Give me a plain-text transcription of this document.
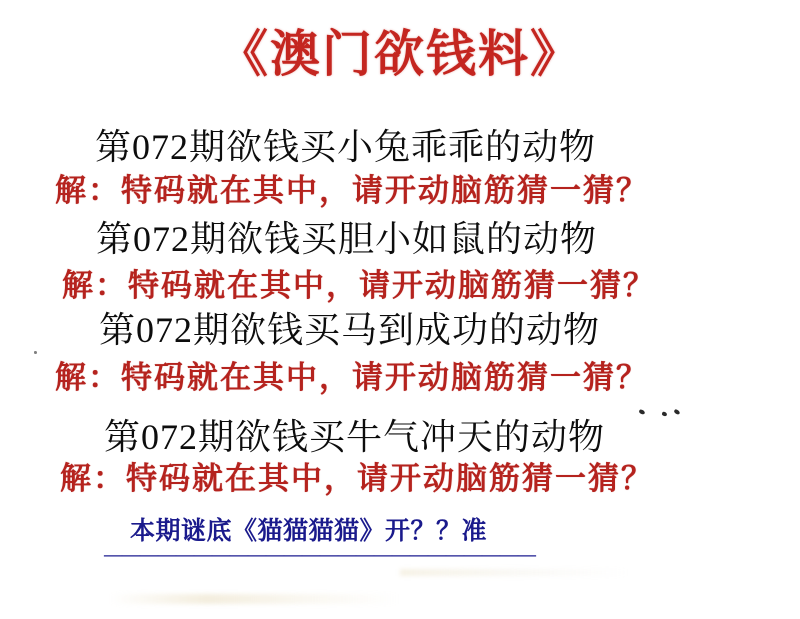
《澳门欲钱料》
第072期欲钱买小兔乖乖的动物
解：特码就在其中，请开动脑筋猜一猜？
第072期欲钱买胆小如鼠的动物
解：特码就在其中，请开动脑筋猜一猜？
第072期欲钱买马到成功的动物
解：特码就在其中，请开动脑筋猜一猜？
第072期欲钱买牛气冲天的动物
解：特码就在其中，请开动脑筋猜一猜？
本期谜底《猫猫猫猫》开？？准
————————————————————————
